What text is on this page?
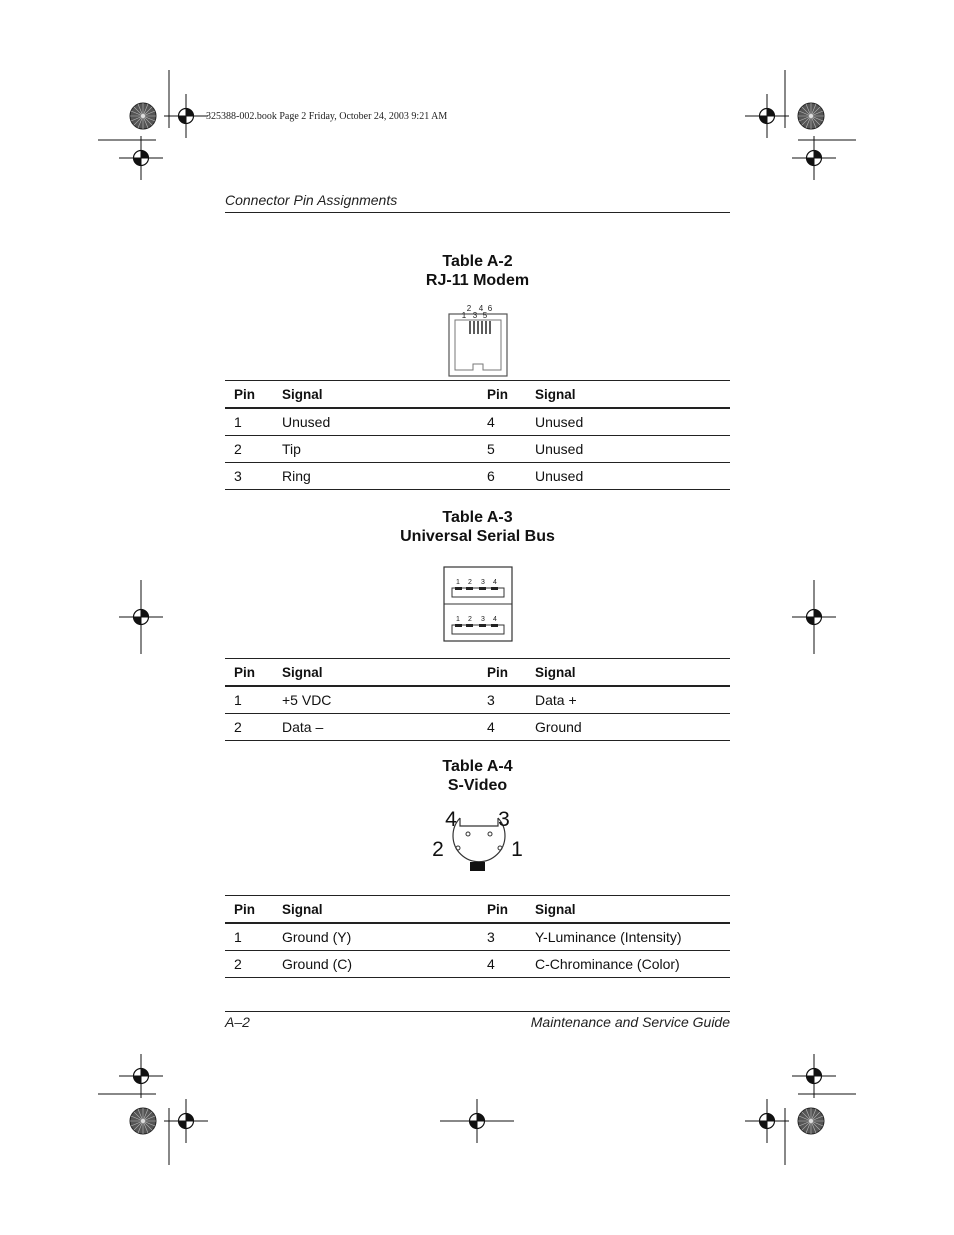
325388-002.book Page 2 Friday, October 24, 2003 9:21 AM
Connector Pin Assignments
Table A-2
RJ-11 Modem
2 4 6
1 3 5
Pin	Signal	Pin	Signal
1	Unused	4	Unused
2	Tip	5	Unused
3	Ring	6	Unused
Table A-3
Universal Serial Bus
1 2 3 4
1 2 3 4
Pin	Signal	Pin	Signal
1	+5 VDC	3	Data +
2	Data –	4	Ground
Table A-4
S-Video
4 3
2	1
Pin	Signal	Pin	Signal
1	Ground (Y)	3	Y-Luminance (Intensity)
2	Ground (C)	4	C-Chrominance (Color)
A–2	Maintenance and Service Guide
